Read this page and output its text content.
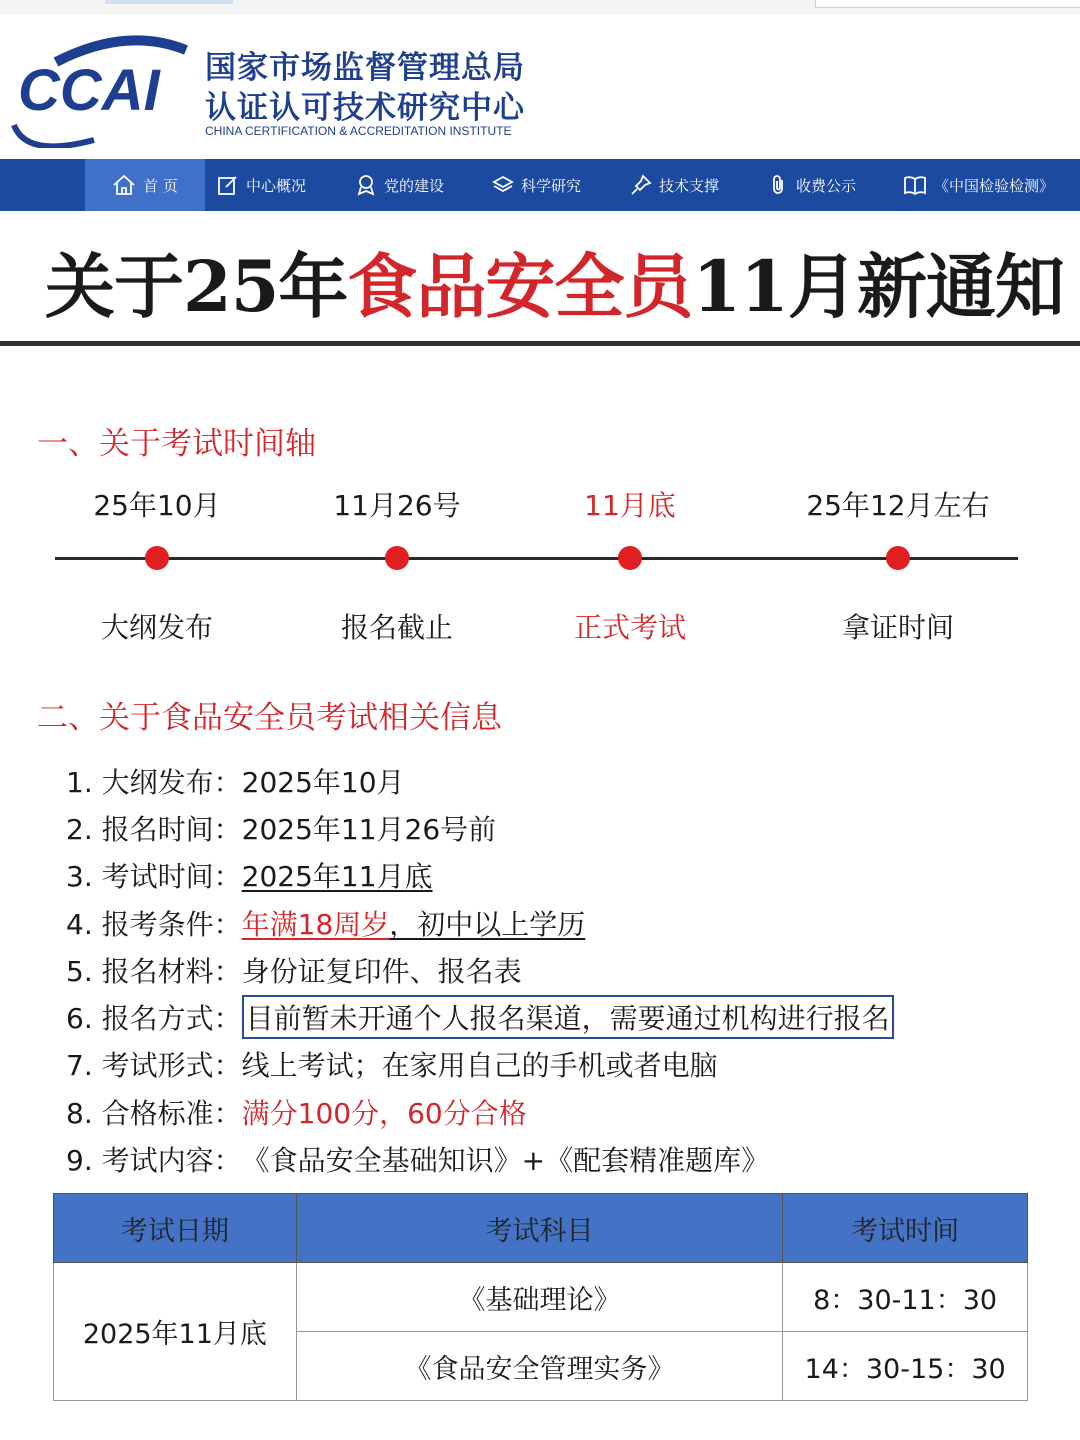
CCAI 国家市场监督管理总局
认证认可技术研究中心
CHINA CERTIFICATION & ACCREDITATION INSTITUTE
首 页	中心概况	党的建设	科学研究	技术支撑	收费公示	《中国检验检测》
关于25年食品安全员11月新通知
一、关于考试时间轴
25年10月	11月26号	11月底	25年12月左右
大纲发布	报名截止	正式考试	拿证时间
二、关于食品安全员考试相关信息
1. 大纲发布： 2025年10月
2. 报名时间： 2025年11月26号前
3. 考试时间： 2025年11月底
4. 报考条件： 年满18周岁 ，初中以上学历
5. 报名材料： 身份证复印件、报名表
6. 报名方式： 目前暂未开通个人报名渠道，需要通过机构进行报名
7. 考试形式： 线上考试；在家用自己的手机或者电脑
8. 合格标准： 满分100分，60分合格
9. 考试内容： 《食品安全基础知识》+《配套精准题库》
考试日期	考试科目	考试时间
2025年11月底	《基础理论》	8：30-11：30
	《食品安全管理实务》	14：30-15：30
